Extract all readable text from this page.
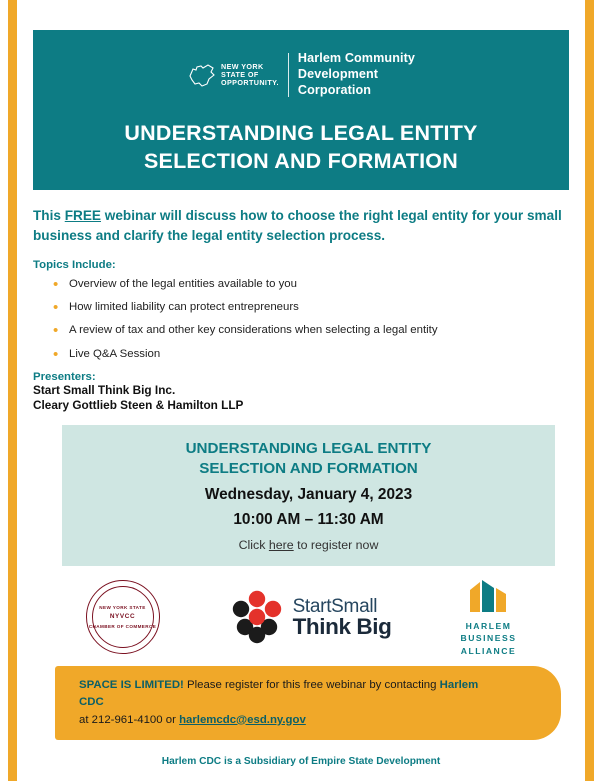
NEW YORK
STATE OF
OPPORTUNITY.
Harlem Community
Development
Corporation
UNDERSTANDING LEGAL ENTITY
SELECTION AND FORMATION
This FREE webinar will discuss how to choose the right legal entity for your small business and clarify the legal entity selection process.
Topics Include:
• Overview of the legal entities available to you
• How limited liability can protect entrepreneurs
• A review of tax and other key considerations when selecting a legal entity
• Live Q&A Session
Presenters:
Start Small Think Big Inc.
Cleary Gottlieb Steen & Hamilton LLP
UNDERSTANDING LEGAL ENTITY
SELECTION AND FORMATION
Wednesday, January 4, 2023
10:00 AM – 11:30 AM
Click here to register now
NEW YORK STATE
NYVCC
CHAMBER OF COMMERCE
StartSmall
Think Big	HARLEM
BUSINESS
ALLIANCE
SPACE IS LIMITED! Please register for this free webinar by contacting Harlem CDC
at 212-961-4100 or harlemcdc@esd.ny.gov
Harlem CDC is a Subsidiary of Empire State Development
